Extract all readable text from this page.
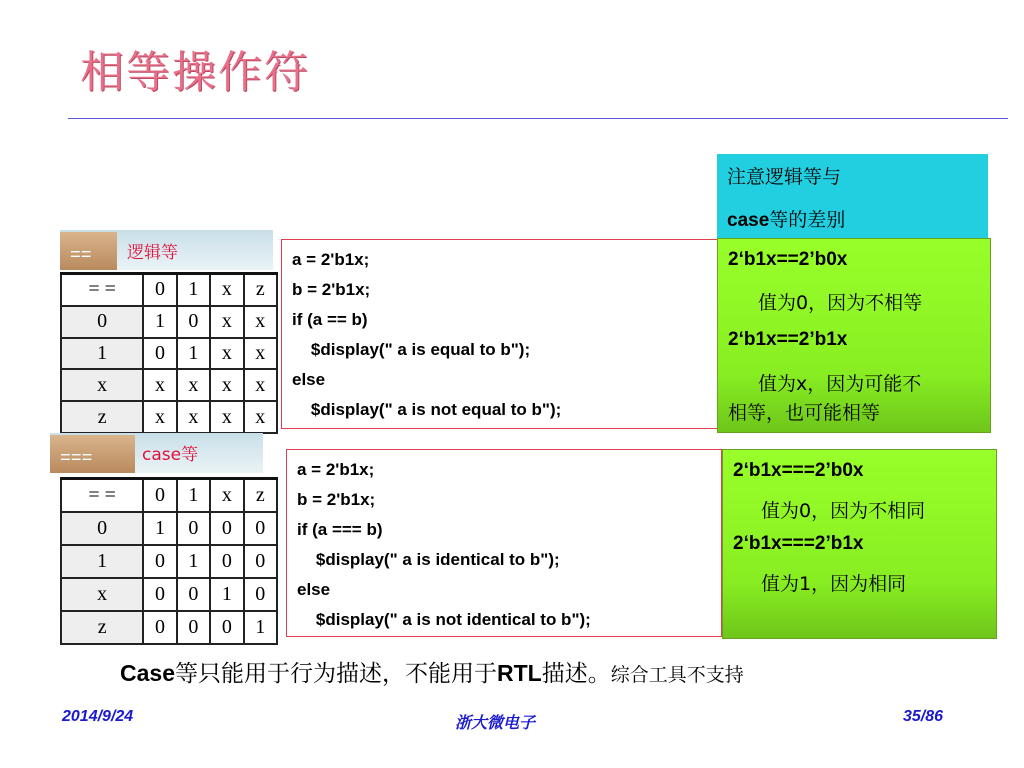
相等操作符
注意逻辑等与
case等的差别
== 逻辑等
= =	0	1	x	z
0	1	0	x	x
1	0	1	x	x
x	x	x	x	x
z	x	x	x	x
a = 2'b1x;
b = 2'b1x;
if (a == b)
$display(" a is equal to b");
else
$display(" a is not equal to b");
2‘b1x==2’b0x
值为0，因为不相等
2‘b1x==2’b1x
值为x，因为可能不
相等，也可能相等
===	case等
= =	0	1	x	z
0	1	0	0	0
1	0	1	0	0
x	0	0	1	0
z	0	0	0	1
a = 2'b1x;
b = 2'b1x;
if (a === b)
$display(" a is identical to b");
else
$display(" a is not identical to b");
2‘b1x===2’b0x
值为0，因为不相同
2‘b1x===2’b1x
值为1，因为相同
Case等只能用于行为描述，不能用于RTL描述。综合工具不支持
2014/9/24	浙大微电子	35/86
